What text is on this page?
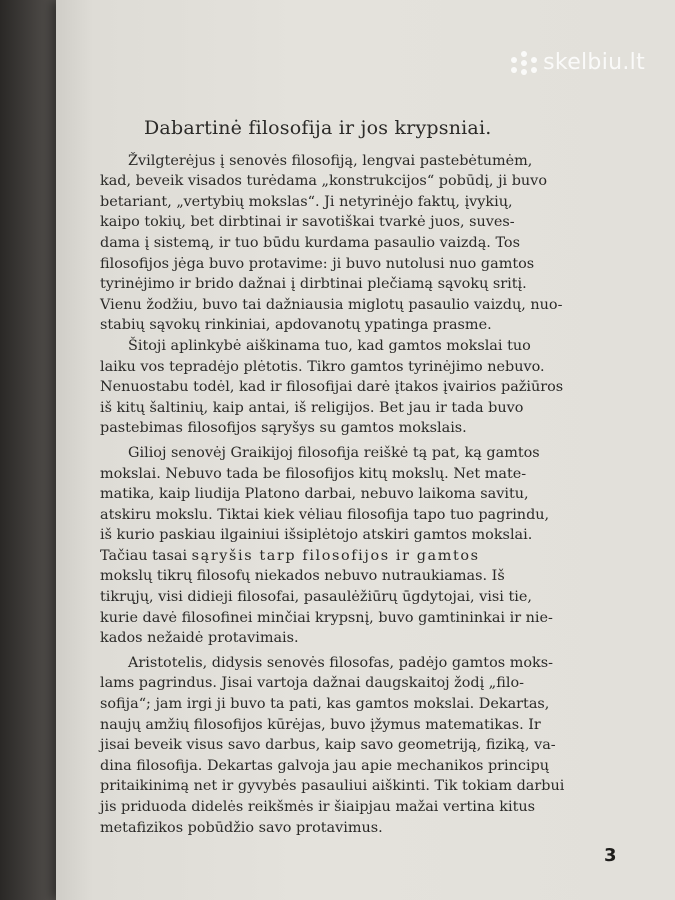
skelbiu.lt
Dabartinė filosofija ir jos krypsniai.
Žvilgterėjus į senovės filosofiją, lengvai pastebėtumėm,
kad, beveik visados turėdama „konstrukcijos“ pobūdį, ji buvo
betariant, „vertybių mokslas“. Ji netyrinėjo faktų, įvykių,
kaipo tokių, bet dirbtinai ir savotiškai tvarkė juos, suves-
dama į sistemą, ir tuo būdu kurdama pasaulio vaizdą. Tos
filosofijos jėga buvo protavime: ji buvo nutolusi nuo gamtos
tyrinėjimo ir brido dažnai į dirbtinai plečiamą sąvokų sritį.
Vienu žodžiu, buvo tai dažniausia miglotų pasaulio vaizdų, nuo-
stabių sąvokų rinkiniai, apdovanotų ypatinga prasme.
Šitoji aplinkybė aiškinama tuo, kad gamtos mokslai tuo
laiku vos tepradėjo plėtotis. Tikro gamtos tyrinėjimo nebuvo.
Nenuostabu todėl, kad ir filosofijai darė įtakos įvairios pažiūros
iš kitų šaltinių, kaip antai, iš religijos. Bet jau ir tada buvo
pastebimas filosofijos sąryšys su gamtos mokslais.
Gilioj senovėj Graikijoj filosofija reiškė tą pat, ką gamtos
mokslai. Nebuvo tada be filosofijos kitų mokslų. Net mate-
matika, kaip liudija Platono darbai, nebuvo laikoma savitu,
atskiru mokslu. Tiktai kiek vėliau filosofija tapo tuo pagrindu,
iš kurio paskiau ilgainiui išsiplėtojo atskiri gamtos mokslai.
Tačiau tasai sąryšis tarp filosofijos ir gamtos
mokslų tikrų filosofų niekados nebuvo nutraukiamas. Iš
tikrųjų, visi didieji filosofai, pasaulėžiūrų ūgdytojai, visi tie,
kurie davė filosofinei minčiai krypsnį, buvo gamtininkai ir nie-
kados nežaidė protavimais.
Aristotelis, didysis senovės filosofas, padėjo gamtos moks-
lams pagrindus. Jisai vartoja dažnai daugskaitoj žodį „filo-
sofija“; jam irgi ji buvo ta pati, kas gamtos mokslai. Dekartas,
naujų amžių filosofijos kūrėjas, buvo įžymus matematikas. Ir
jisai beveik visus savo darbus, kaip savo geometriją, fiziką, va-
dina filosofija. Dekartas galvoja jau apie mechanikos principų
pritaikinimą net ir gyvybės pasauliui aiškinti. Tik tokiam darbui
jis priduoda didelės reikšmės ir šiaipjau mažai vertina kitus
metafizikos pobūdžio savo protavimus.
3
